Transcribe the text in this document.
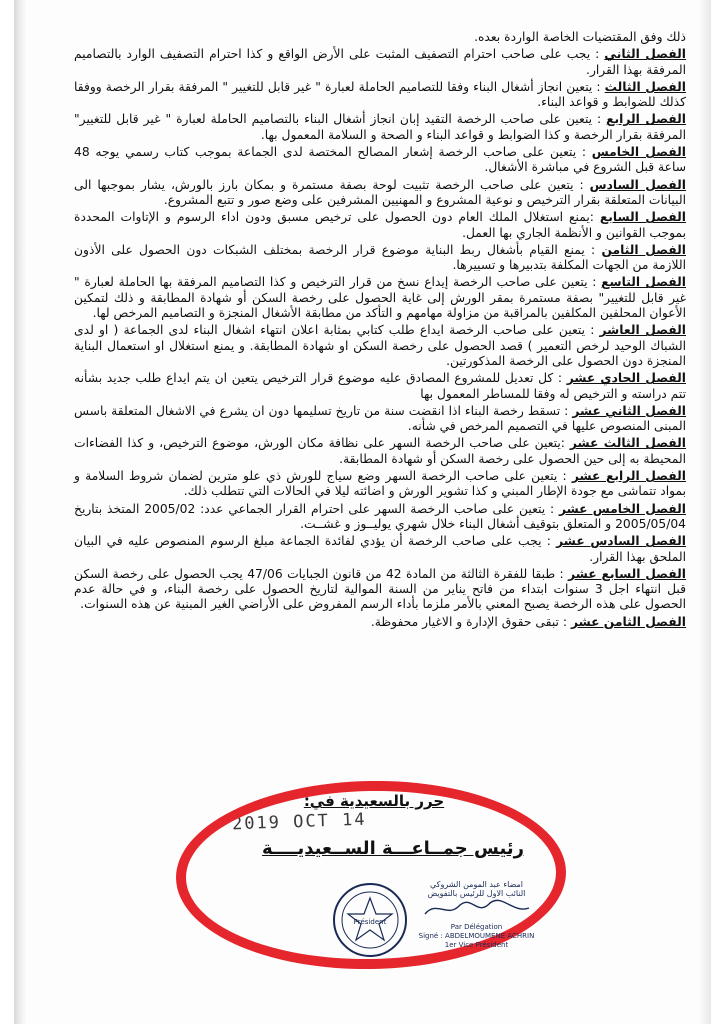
ذلك وفق المقتضيات الخاصة الواردة بعده.

الفصل الثاني : يجب على صاحب احترام التصفيف المثبت على الأرض الواقع و كذا احترام التصفيف الوارد بالتصاميم المرفقة بهذا القرار.

الفصل الثالث : يتعين انجاز أشغال البناء وفقا للتصاميم الحاملة لعبارة " غير قابل للتغيير " المرفقة بقرار الرخصة ووفقا كذلك للضوابط و قواعد البناء.

الفصل الرابع : يتعين على صاحب الرخصة التقيد إبان انجاز أشغال البناء بالتصاميم الحاملة لعبارة " غير قابل للتغيير" المرفقة بقرار الرخصة و كذا الضوابط و قواعد البناء و الصحة و السلامة المعمول بها.

الفصل الخامس : يتعين على صاحب الرخصة إشعار المصالح المختصة لدى الجماعة بموجب كتاب رسمي يوجه 48 ساعة قبل الشروع في مباشرة الأشغال.

الفصل السادس : يتعين على صاحب الرخصة تثبيت لوحة بصفة مستمرة و بمكان بارز بالورش، يشار بموجبها الى البيانات المتعلقة بقرار الترخيص و نوعية المشروع و المهنيين المشرفين على وضع صور و تتبع المشروع.

الفصل السابع :يمنع استغلال الملك العام دون الحصول على ترخيص مسبق ودون اداء الرسوم و الإتاوات المحددة بموجب القوانين و الأنظمة الجاري بها العمل.

الفصل الثامن : يمنع القيام بأشغال ربط البناية موضوع قرار الرخصة بمختلف الشبكات دون الحصول على الأذون اللازمة من الجهات المكلفة بتدبيرها و تسييرها.

الفصل التاسع : يتعين على صاحب الرخصة إيداع نسخ من قرار الترخيص و كذا التصاميم المرفقة بها الحاملة لعبارة " غير قابل للتغيير" بصفة مستمرة بمقر الورش إلى غاية الحصول على رخصة السكن أو شهادة المطابقة و ذلك لتمكين الأعوان المحلفين المكلفين بالمراقبة من مزاولة مهامهم و التأكد من مطابقة الأشغال المنجزة و التصاميم المرخص لها.

الفصل العاشر : يتعين على صاحب الرخصة ايداع طلب كتابي بمثابة اعلان انتهاء اشغال البناء لدى الجماعة ( او لدى الشباك الوحيد لرخص التعمير ) قصد الحصول على رخصة السكن او شهادة المطابقة. و يمنع استغلال او استعمال البناية المنجزة دون الحصول على الرخصة المذكورتين.

الفصل الحادي عشر : كل تعديل للمشروع المصادق عليه موضوع قرار الترخيص يتعين ان يتم ايداع طلب جديد بشأنه تتم دراسته و الترخيص له وفقا للمساطر المعمول بها

الفصل الثاني عشر : تسقط رخصة البناء اذا انقضت سنة من تاريخ تسليمها دون ان يشرع في الاشغال المتعلقة باسس المبنى المنصوص عليها في التصميم المرخص في شأنه.

الفصل الثالث عشر :يتعين على صاحب الرخصة السهر على نظافة مكان الورش، موضوع الترخيص، و كذا الفضاءات المحيطة به إلى حين الحصول على رخصة السكن أو شهادة المطابقة.

الفصل الرابع عشر : يتعين على صاحب الرخصة السهر وضع سياج للورش ذي علو مترين لضمان شروط السلامة و بمواد تتماشى مع جودة الإطار المبني و كذا تشوير الورش و اضائته ليلا في الحالات التي تتطلب ذلك.

الفصل الخامس عشر : يتعين على صاحب الرخصة السهر على احترام القرار الجماعي عدد: 2005/02 المتخذ بتاريخ 2005/05/04 و المتعلق بتوقيف أشغال البناء خلال شهري يوليــوز و غشــت.

الفصل السادس عشر : يجب على صاحب الرخصة أن يؤدي لفائدة الجماعة مبلغ الرسوم المنصوص عليه في البيان الملحق بهذا القرار.

الفصل السابع عشر : طبقا للفقرة الثالثة من المادة 42 من قانون الجبايات 47/06 يجب الحصول على رخصة السكن قبل انتهاء اجل 3 سنوات ابتداء من فاتح يناير من السنة الموالية لتاريخ الحصول على رخصة البناء، و في حالة عدم الحصول على هذه الرخصة يصبح المعني بالأمر ملزما بأداء الرسم المفروض على الأراضي الغير المبنية عن هذه السنوات.

الفصل الثامن عشر : تبقى حقوق الإدارة و الاغيار محفوظة.

حرر بالسعيدية في:

2019 OCT 14
رئيس جمــاعـــة الســعيديــــة
Président
امضاء عبد المومن الشروكي
النائب الاول للرئيس بالتفويض
Par Délégation
Signé : ABDELMOUMENE ACHRIN
1er Vice Président
